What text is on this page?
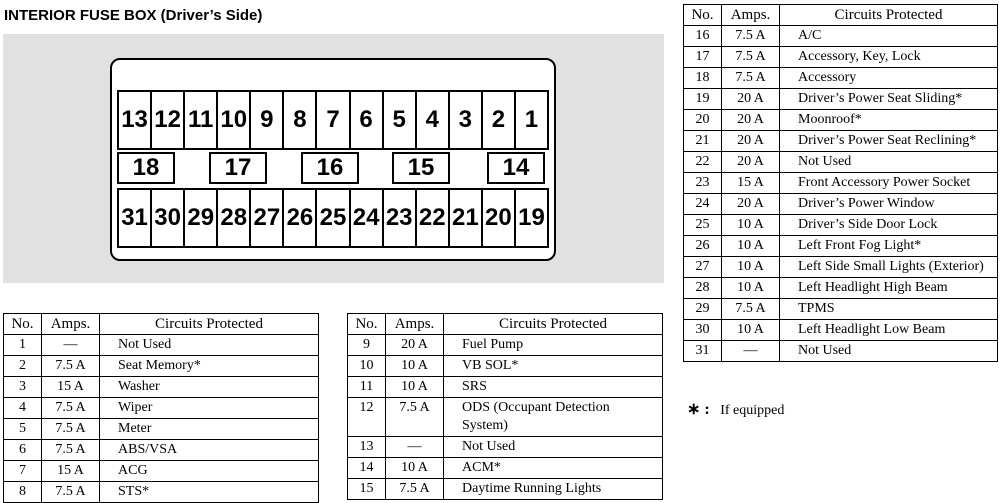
INTERIOR FUSE BOX (Driver’s Side)
13 12 11 10 9 8 7 6 5 4 3 2 1
18	17	16	15	14
31 30 29 28 27 26 25 24 23 22 21 20 19
No.	Amps.	Circuits Protected
1	—	Not Used
2	7.5 A	Seat Memory*
3	15 A	Washer
4	7.5 A	Wiper
5	7.5 A	Meter
6	7.5 A	ABS/VSA
7	15 A	ACG
8	7.5 A	STS*
No.	Amps.	Circuits Protected
9	20 A	Fuel Pump
10	10 A	VB SOL*
11	10 A	SRS
12	7.5 A	ODS (Occupant Detection System)
13	—	Not Used
14	10 A	ACM*
15	7.5 A	Daytime Running Lights
No.	Amps.	Circuits Protected
16	7.5 A	A/C
17	7.5 A	Accessory, Key, Lock
18	7.5 A	Accessory
19	20 A	Driver’s Power Seat Sliding*
20	20 A	Moonroof*
21	20 A	Driver’s Power Seat Reclining*
22	20 A	Not Used
23	15 A	Front Accessory Power Socket
24	20 A	Driver’s Power Window
25	10 A	Driver’s Side Door Lock
26	10 A	Left Front Fog Light*
27	10 A	Left Side Small Lights (Exterior)
28	10 A	Left Headlight High Beam
29	7.5 A	TPMS
30	10 A	Left Headlight Low Beam
31	—	Not Used
∗ : If equipped
